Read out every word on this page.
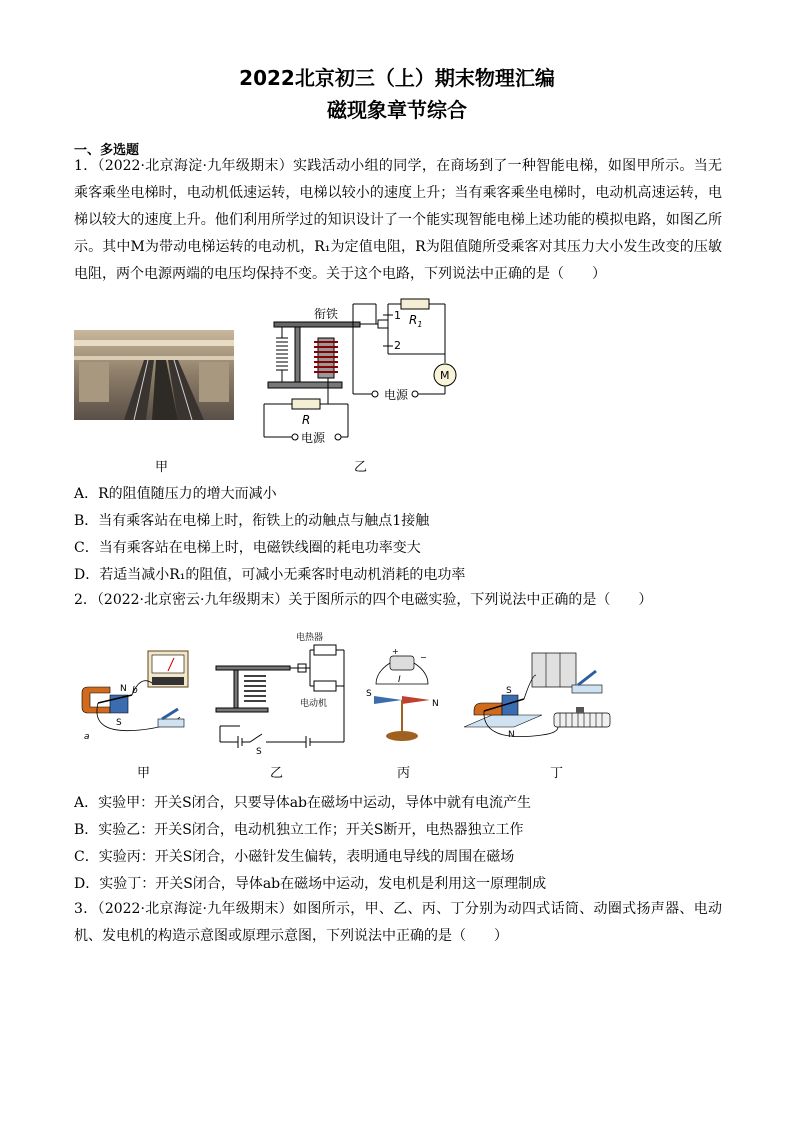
2022北京初三（上）期末物理汇编
磁现象章节综合
一、多选题

1．（2022·北京海淀·九年级期末）实践活动小组的同学，在商场到了一种智能电梯，如图甲所示。当无乘客乘坐电梯时，电动机低速运转，电梯以较小的速度上升；当有乘客乘坐电梯时，电动机高速运转，电梯以较大的速度上升。他们利用所学过的知识设计了一个能实现智能电梯上述功能的模拟电路，如图乙所示。其中M为带动电梯运转的电动机，R₁为定值电阻，R为阻值随所受乘客对其压力大小发生改变的压敏电阻，两个电源两端的电压均保持不变。关于这个电路，下列说法中正确的是（　　）

衔铁	$R_1$
1
2
M
电源
R
电源
甲	乙
A．R的阻值随压力的增大而减小
B．当有乘客站在电梯上时，衔铁上的动触点与触点1接触
C．当有乘客站在电梯上时，电磁铁线圈的耗电功率变大
D．若适当减小R₁的阻值，可减小无乘客时电动机消耗的电功率

2．（2022·北京密云·九年级期末）关于图所示的四个电磁实验，下列说法中正确的是（　　）

N
S
a
b
电热器
电动机
S
+
−
I
S
N
S
N
甲	乙	丙	丁
A．实验甲：开关S闭合，只要导体ab在磁场中运动，导体中就有电流产生
B．实验乙：开关S闭合，电动机独立工作；开关S断开，电热器独立工作
C．实验丙：开关S闭合，小磁针发生偏转，表明通电导线的周围在磁场
D．实验丁：开关S闭合，导体ab在磁场中运动，发电机是利用这一原理制成

3．（2022·北京海淀·九年级期末）如图所示，甲、乙、丙、丁分别为动四式话筒、动圈式扬声器、电动机、发电机的构造示意图或原理示意图，下列说法中正确的是（　　）
